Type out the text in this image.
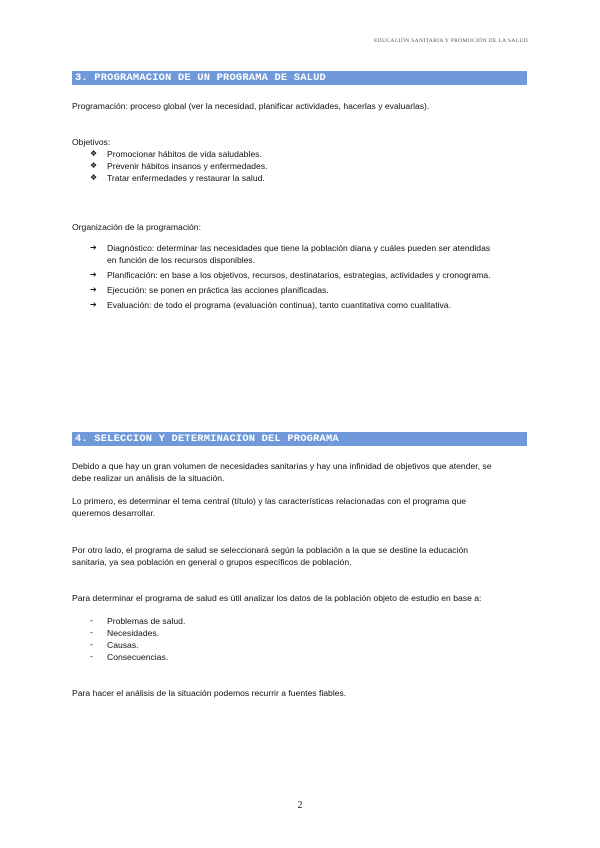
EDUCACIÓN SANITARIA Y PROMOCIÓN DE LA SALUD
3. PROGRAMACION DE UN PROGRAMA DE SALUD
Programación: proceso global (ver la necesidad, planificar actividades, hacerlas y evaluarlas).
Objetivos:
❖	Promocionar hábitos de vida saludables.
❖	Prevenir hábitos insanos y enfermedades.
❖	Tratar enfermedades y restaurar la salud.
Organización de la programación:
➔	Diagnóstico: determinar las necesidades que tiene la población diana y cuáles pueden ser atendidas
en función de los recursos disponibles.
➔	Planificación: en base a los objetivos, recursos, destinatarios, estrategias, actividades y cronograma.
➔	Ejecución: se ponen en práctica las acciones planificadas.
➔	Evaluación: de todo el programa (evaluación continua), tanto cuantitativa como cualitativa.
4. SELECCION Y DETERMINACION DEL PROGRAMA
Debido a que hay un gran volumen de necesidades sanitarias y hay una infinidad de objetivos que atender, se
debe realizar un análisis de la situación.
Lo primero, es determinar el tema central (título) y las características relacionadas con el programa que
queremos desarrollar.
Por otro lado, el programa de salud se seleccionará según la población a la que se destine la educación
sanitaria, ya sea población en general o grupos específicos de población.
Para determinar el programa de salud es útil analizar los datos de la población objeto de estudio en base a:
-	Problemas de salud.
-	Necesidades.
-	Causas.
-	Consecuencias.
Para hacer el análisis de la situación podemos recurrir a fuentes fiables.
2
